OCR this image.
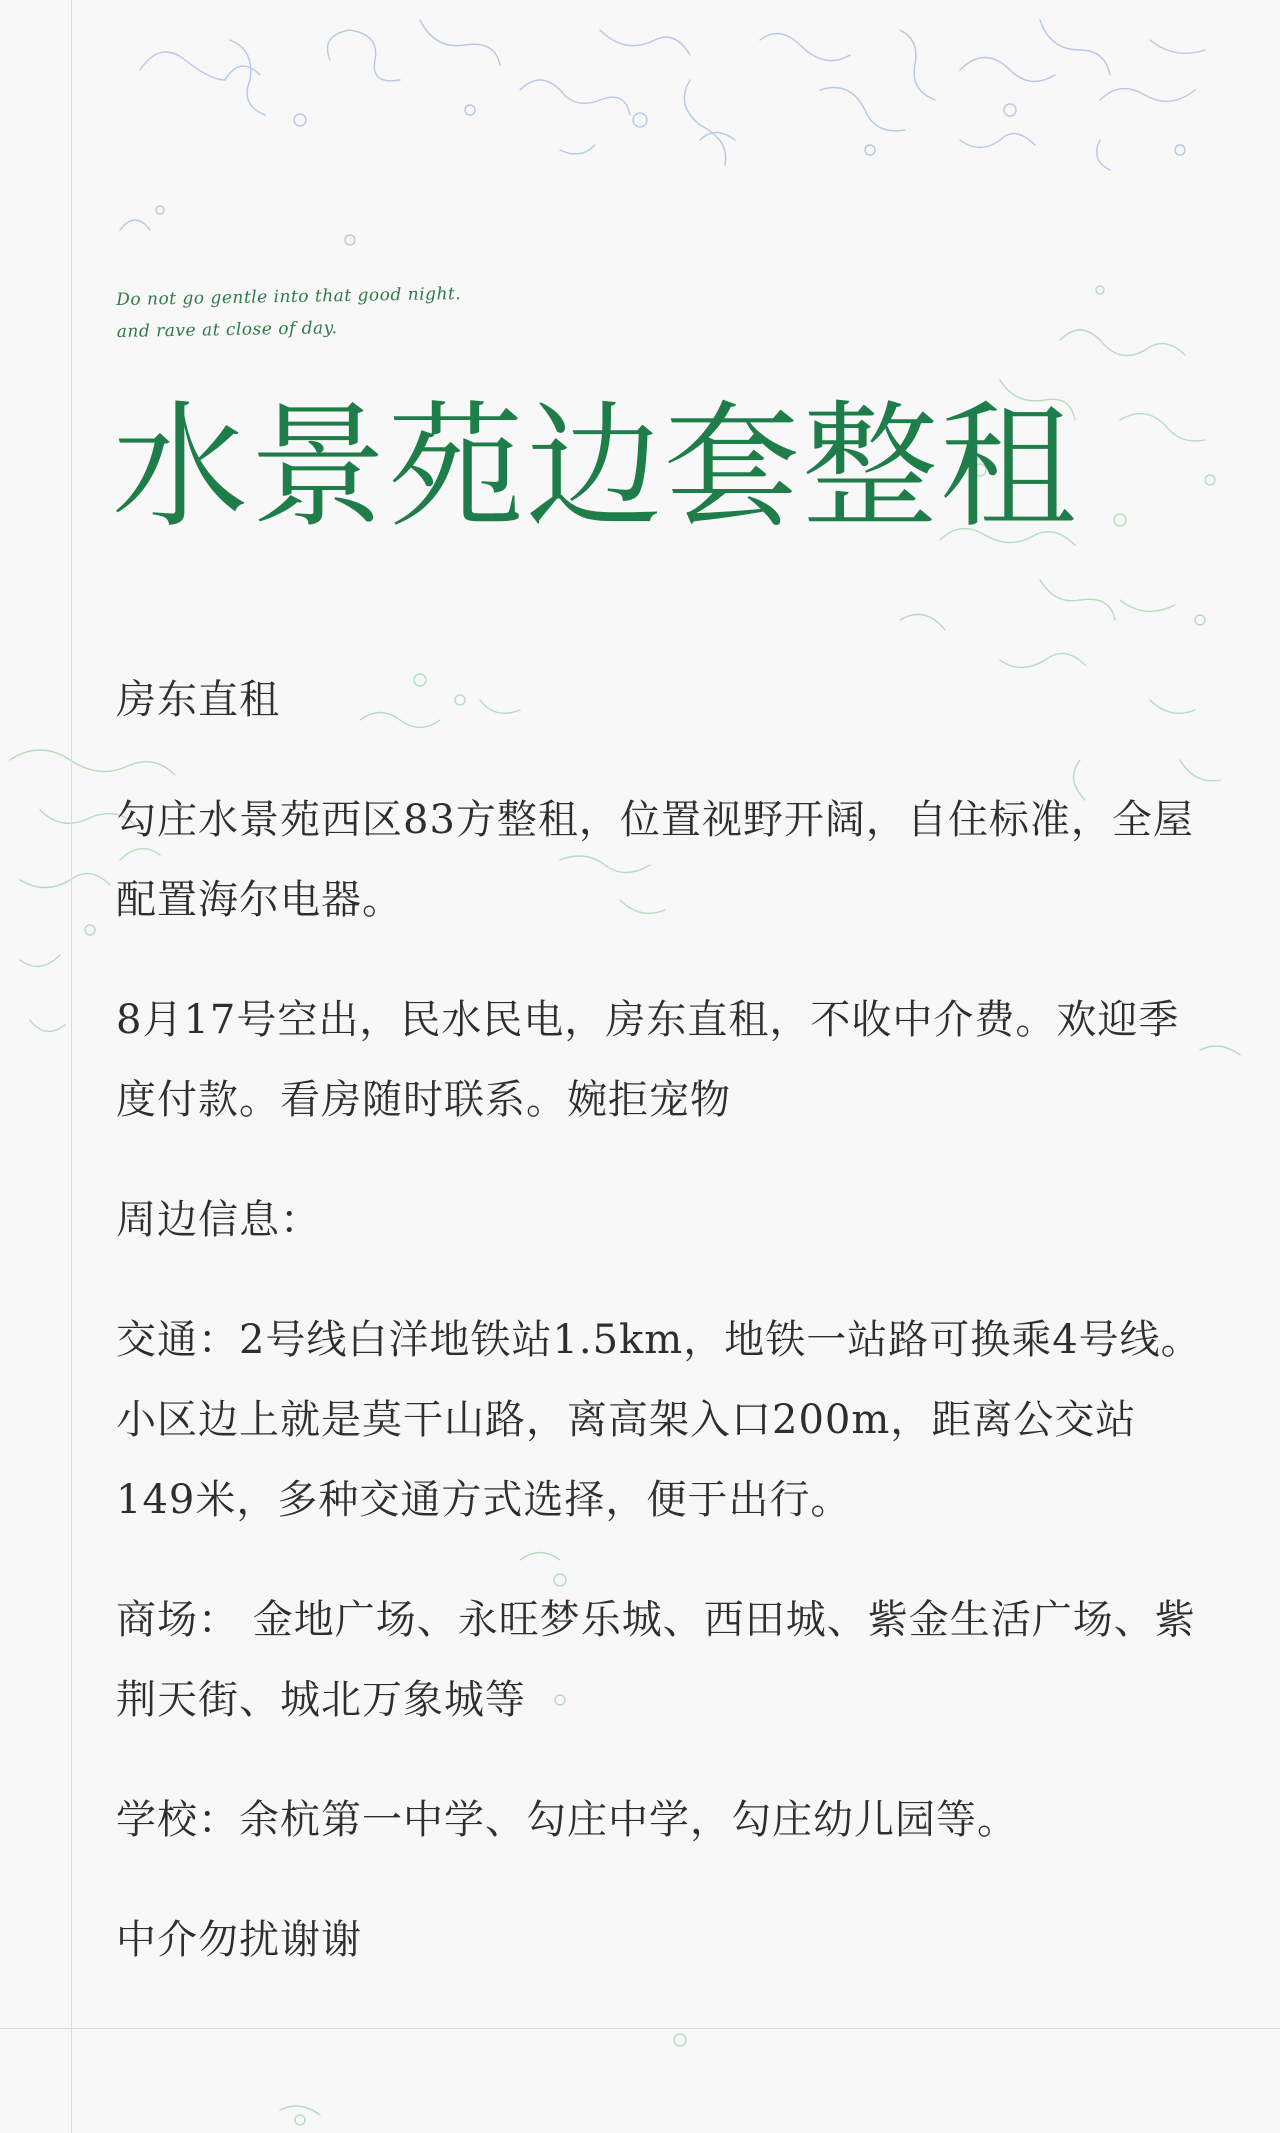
Do not go gentle into that good night.
and rave at close of day.
水景苑边套整租

房东直租

勾庄水景苑西区83方整租，位置视野开阔，自住标准，全屋配置海尔电器。

8月17号空出，民水民电，房东直租，不收中介费。欢迎季度付款。看房随时联系。婉拒宠物

周边信息：

交通：2号线白洋地铁站1.5km，地铁一站路可换乘4号线。小区边上就是莫干山路，离高架入口200m，距离公交站149米，多种交通方式选择，便于出行。

商场： 金地广场、永旺梦乐城、西田城、紫金生活广场、紫荆天街、城北万象城等

学校：余杭第一中学、勾庄中学，勾庄幼儿园等。

中介勿扰谢谢
